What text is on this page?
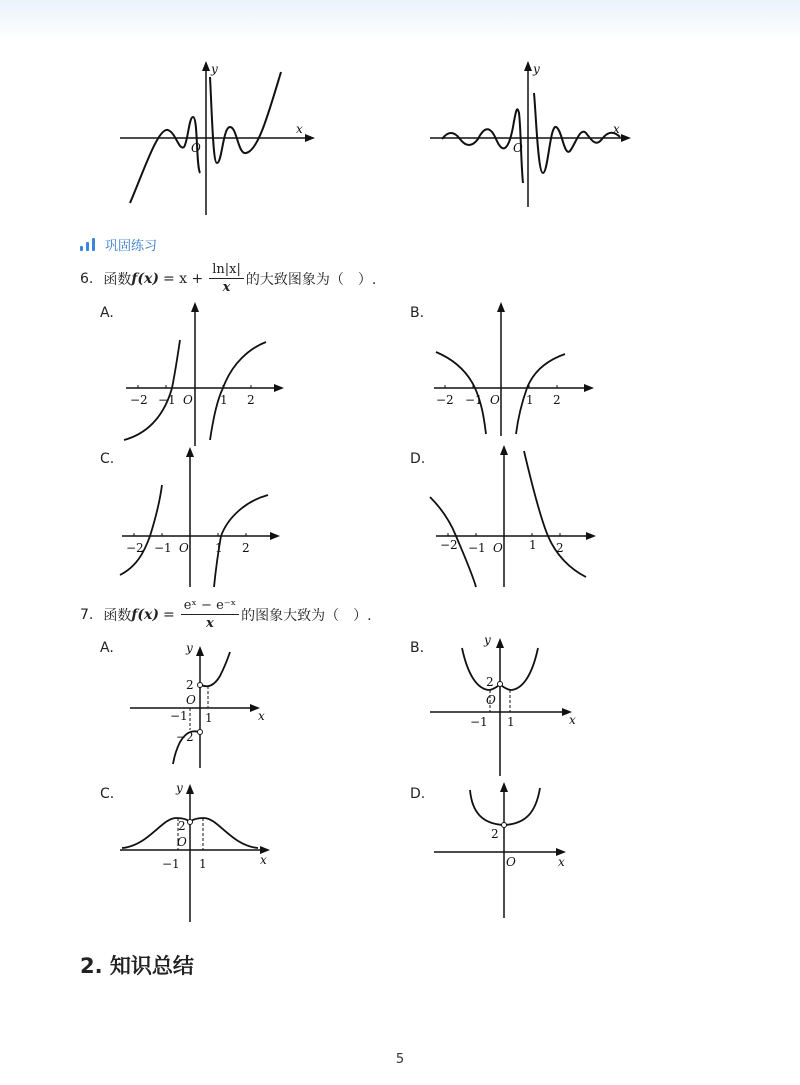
x
y
O
x
y
O
巩固练习
6. 函数 $f(x) = x + \frac{\ln|x|}{x}$ 的大致图象为（　）.
A.	B.
C.	D.
−2 −1 O 1 2	−2 −1 O 1 2
−2 −1 O 1 2	−2 −1 O 1 2
7. 函数 $f(x) = \frac{\text{eˣ − e⁻ˣ}}{x}$ 的图象大致为（　）.
A.	B.
C.	D.
x
y
2
O
−1 1
−2
x
y
2
O
−1 1
x
y
2
O
−1 1	x
2
O
2. 知识总结
5
